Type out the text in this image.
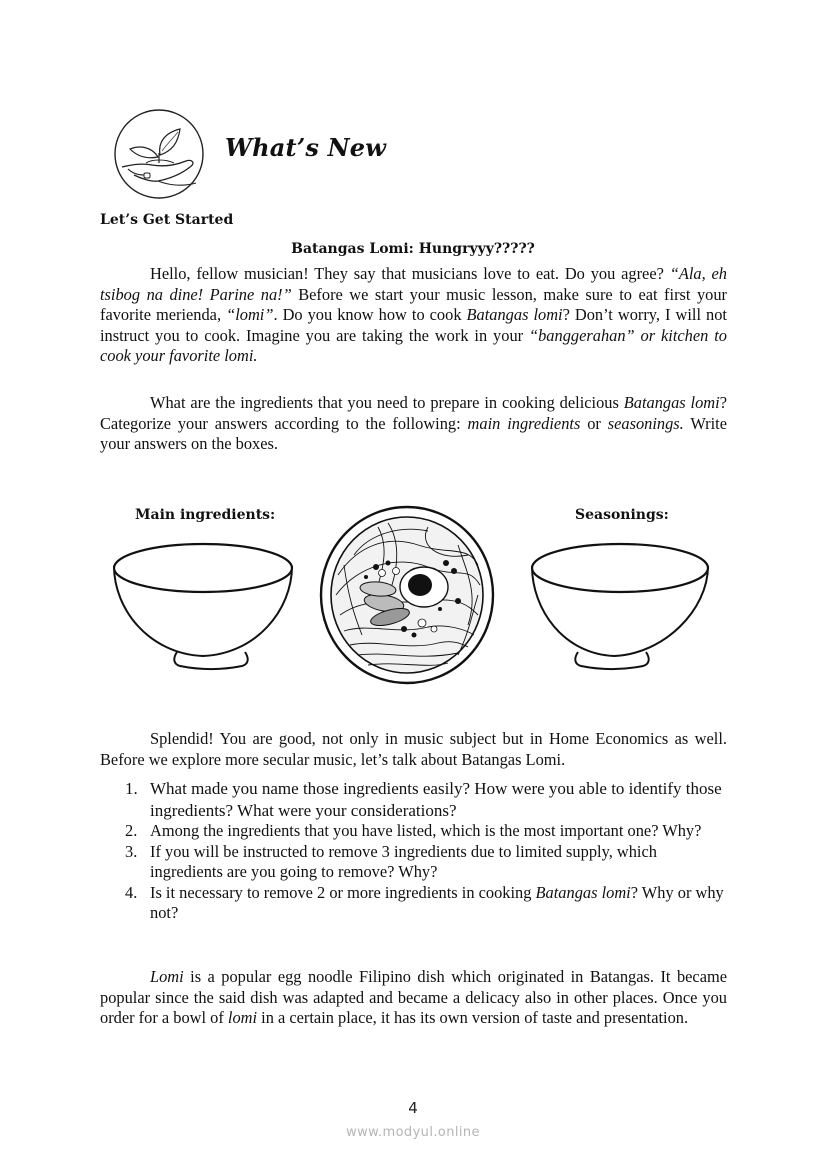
What’s New
Let’s Get Started
Batangas Lomi: Hungryyy?????

Hello, fellow musician! They say that musicians love to eat. Do you agree? “Ala, eh tsibog na dine! Parine na!” Before we start your music lesson, make sure to eat first your favorite merienda, “lomi”. Do you know how to cook Batangas lomi? Don’t worry, I will not instruct you to cook. Imagine you are taking the work in your “banggerahan” or kitchen to cook your favorite lomi.

What are the ingredients that you need to prepare in cooking delicious Batangas lomi? Categorize your answers according to the following: main ingredients or seasonings. Write your answers on the boxes.

Main ingredients:	Seasonings:

Splendid! You are good, not only in music subject but in Home Economics as well. Before we explore more secular music, let’s talk about Batangas Lomi.

1. What made you name those ingredients easily? How were you able to identify those ingredients? What were your considerations?
2. Among the ingredients that you have listed, which is the most important one? Why?
3. If you will be instructed to remove 3 ingredients due to limited supply, which ingredients are you going to remove? Why?
4. Is it necessary to remove 2 or more ingredients in cooking Batangas lomi? Why or why not?

Lomi is a popular egg noodle Filipino dish which originated in Batangas. It became popular since the said dish was adapted and became a delicacy also in other places. Once you order for a bowl of lomi in a certain place, it has its own version of taste and presentation.

4
www.modyul.online
